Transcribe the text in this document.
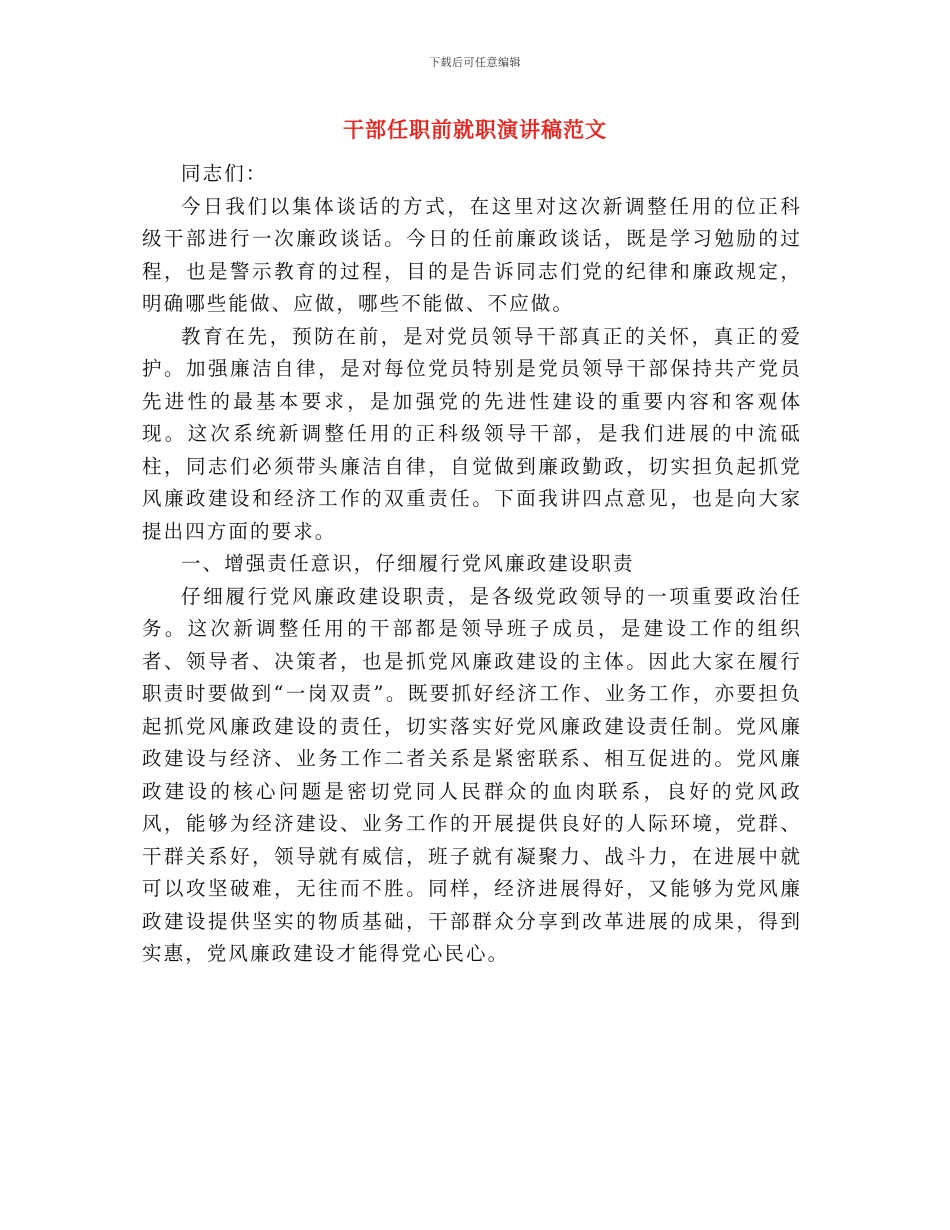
下载后可任意编辑
干部任职前就职演讲稿范文

同志们：

今日我们以集体谈话的方式，在这里对这次新调整任用的位正科级干部进行一次廉政谈话。今日的任前廉政谈话，既是学习勉励的过程，也是警示教育的过程，目的是告诉同志们党的纪律和廉政规定，明确哪些能做、应做，哪些不能做、不应做。

教育在先，预防在前，是对党员领导干部真正的关怀，真正的爱护。加强廉洁自律，是对每位党员特别是党员领导干部保持共产党员先进性的最基本要求，是加强党的先进性建设的重要内容和客观体现。这次系统新调整任用的正科级领导干部，是我们进展的中流砥柱，同志们必须带头廉洁自律，自觉做到廉政勤政，切实担负起抓党风廉政建设和经济工作的双重责任。下面我讲四点意见，也是向大家提出四方面的要求。

一、增强责任意识，仔细履行党风廉政建设职责

仔细履行党风廉政建设职责，是各级党政领导的一项重要政治任务。这次新调整任用的干部都是领导班子成员，是建设工作的组织者、领导者、决策者，也是抓党风廉政建设的主体。因此大家在履行职责时要做到“一岗双责”。既要抓好经济工作、业务工作，亦要担负起抓党风廉政建设的责任，切实落实好党风廉政建设责任制。党风廉政建设与经济、业务工作二者关系是紧密联系、相互促进的。党风廉政建设的核心问题是密切党同人民群众的血肉联系，良好的党风政风，能够为经济建设、业务工作的开展提供良好的人际环境，党群、干群关系好，领导就有威信，班子就有凝聚力、战斗力，在进展中就可以攻坚破难，无往而不胜。同样，经济进展得好，又能够为党风廉政建设提供坚实的物质基础，干部群众分享到改革进展的成果，得到实惠，党风廉政建设才能得党心民心。
